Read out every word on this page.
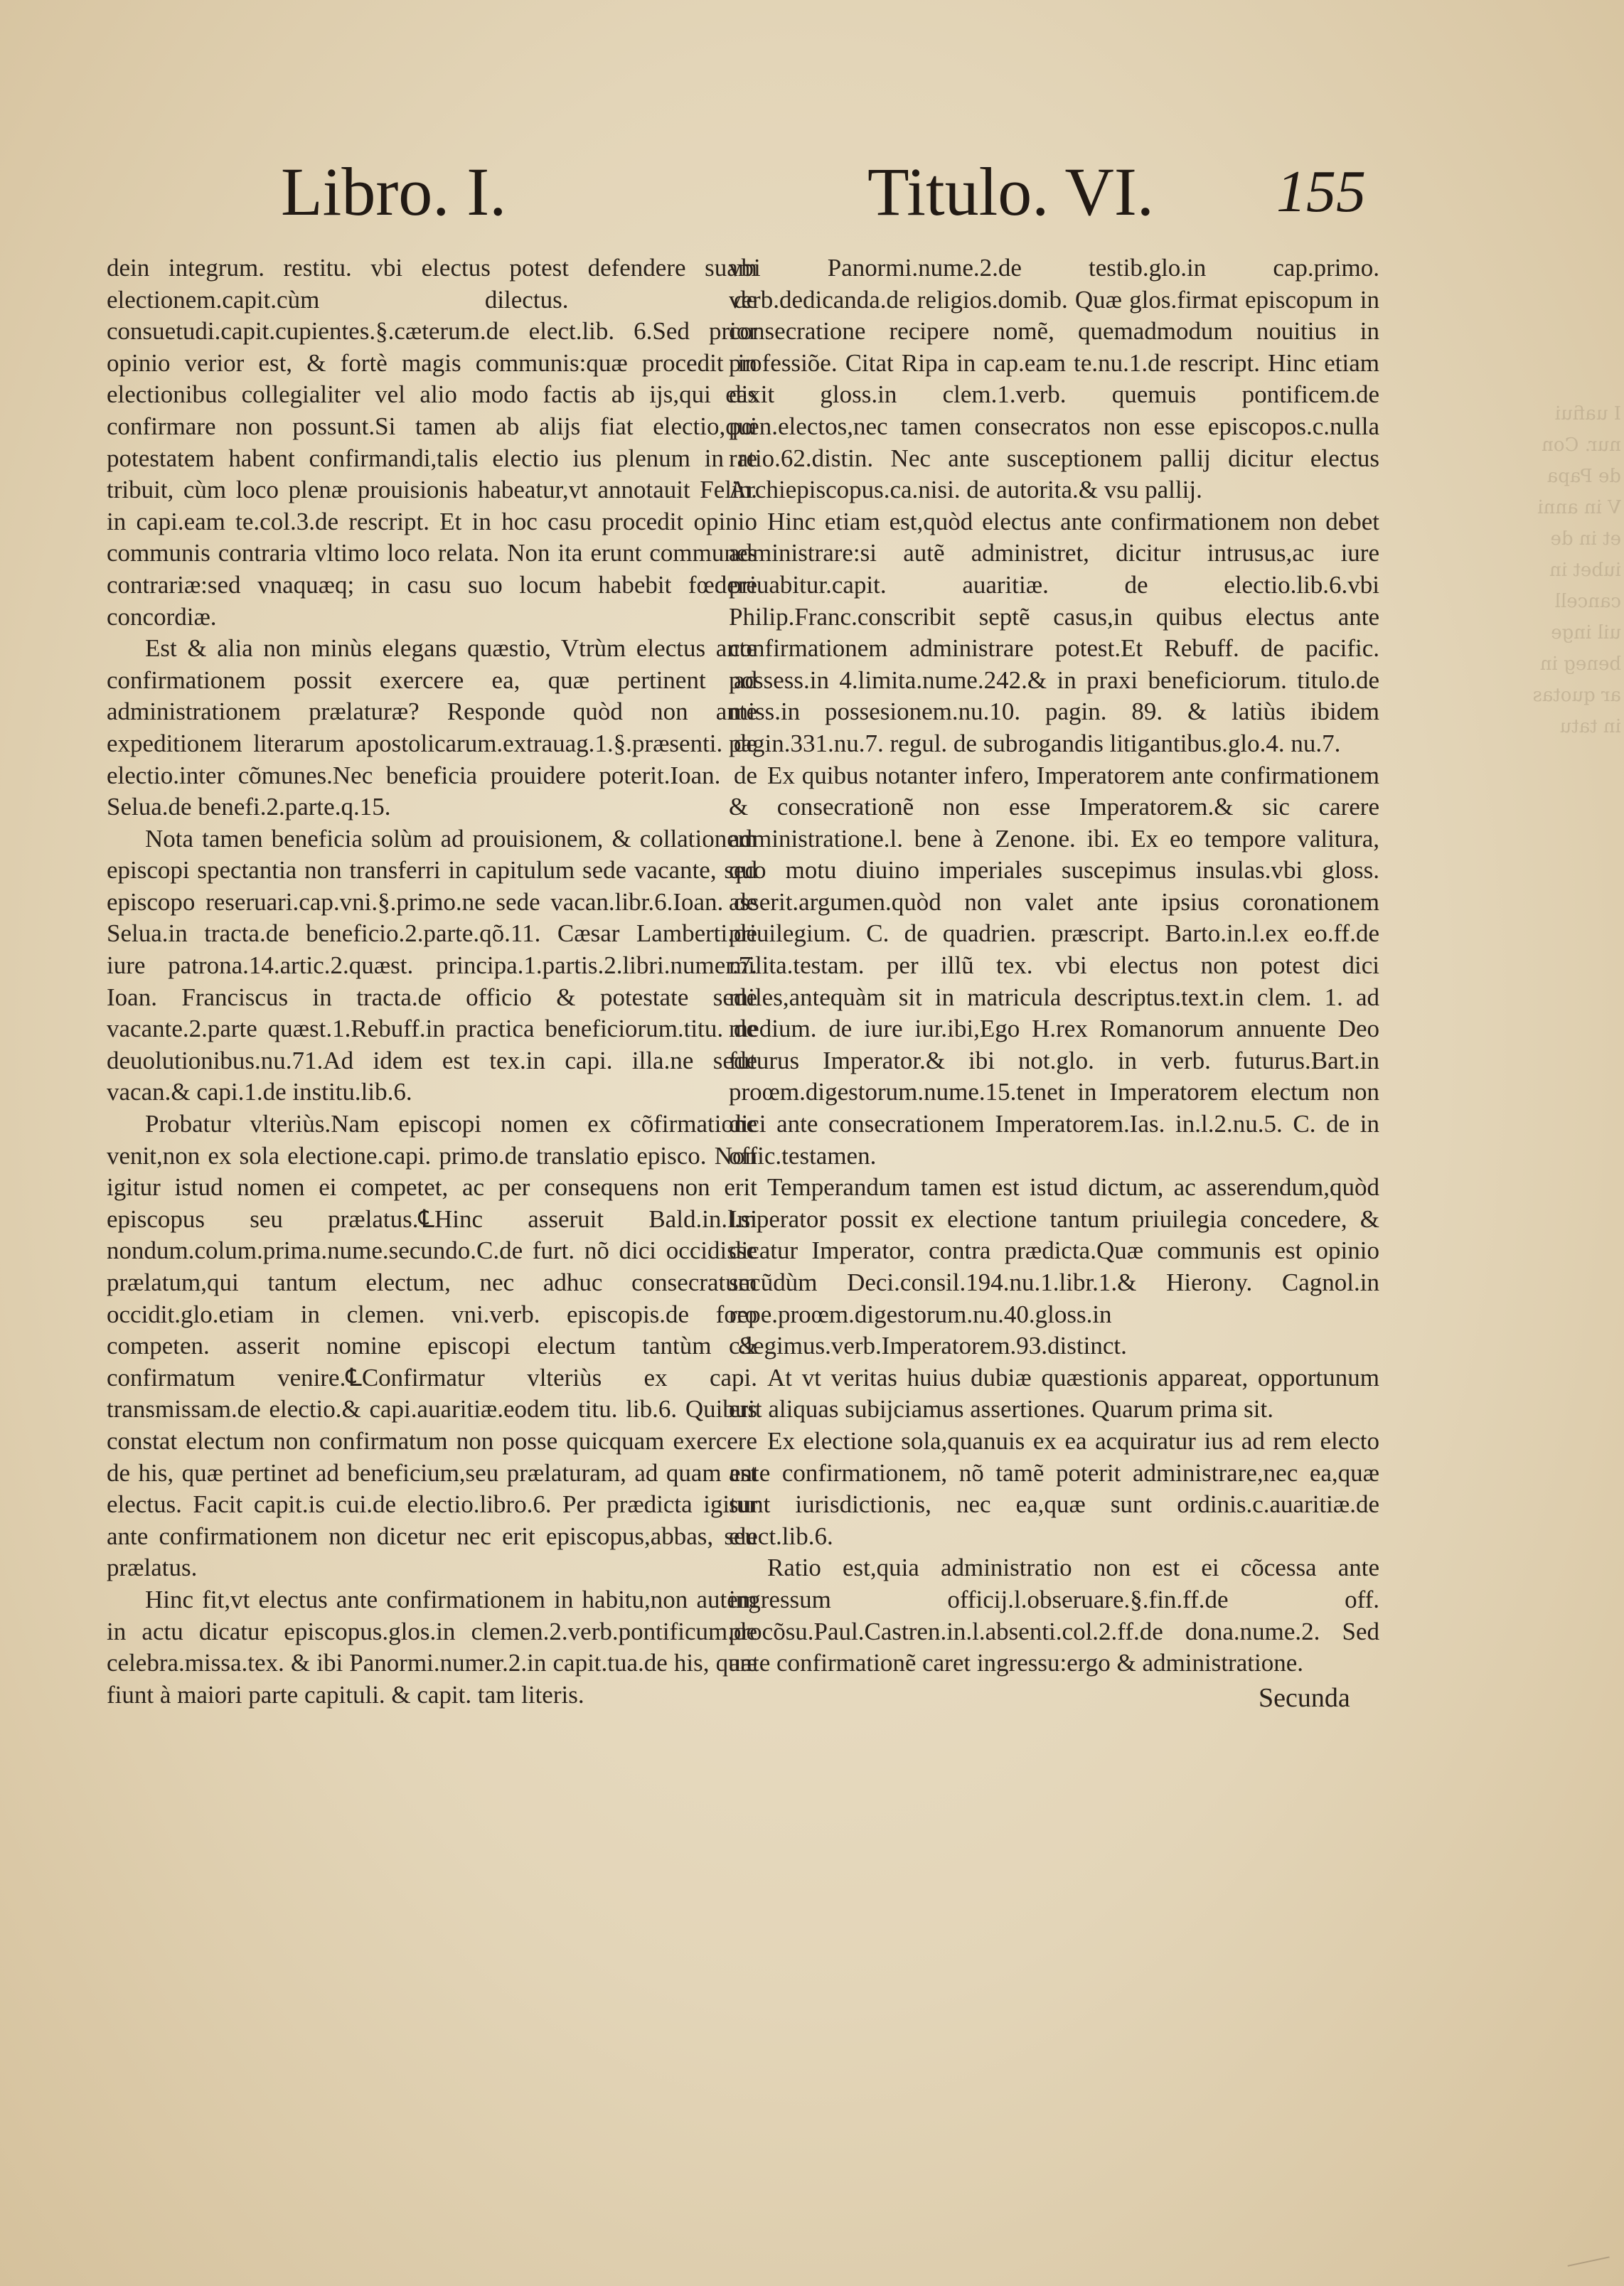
I uafiui
nur. Con
de Papa
V in anni
et in de
iubet in
cancell
uil inge
beneg in
ar quotas
in tatu
Libro. I.	Titulo. VI. 155

dein integrum. restitu. vbi electus potest defendere suam electionem.capit.cùm dilectus. de consuetudi.capit.cupientes.§.cæterum.de elect.lib. 6.Sed prior opinio verior est, & fortè magis communis:quæ procedit in electionibus collegialiter vel alio modo factis ab ijs,qui eas confirmare non possunt.Si tamen ab alijs fiat electio,qui potestatem habent confirmandi,talis electio ius plenum in re tribuit, cùm loco plenæ prouisionis habeatur,vt annotauit Felin. in capi.eam te.col.3.de rescript. Et in hoc casu procedit opinio communis contraria vltimo loco relata. Non ita erunt communes contrariæ:sed vnaquæq; in casu suo locum habebit fœdere concordiæ.

Est & alia non minùs elegans quæstio, Vtrùm electus ante confirmationem possit exercere ea, quæ pertinent ad administrationem prælaturæ? Responde quòd non ante expeditionem literarum apostolicarum.extrauag.1.§.præsenti. de electio.inter cõmunes.Nec beneficia prouidere poterit.Ioan. de Selua.de benefi.2.parte.q.15.

Nota tamen beneficia solùm ad prouisionem, & collationem episcopi spectantia non transferri in capitulum sede vacante, sed episcopo reseruari.cap.vni.§.primo.ne sede vacan.libr.6.Ioan. de Selua.in tracta.de beneficio.2.parte.qõ.11. Cæsar Lamberti.de iure patrona.14.artic.2.quæst. principa.1.partis.2.libri.numer.7. Ioan. Franciscus in tracta.de officio & potestate sede vacante.2.parte quæst.1.Rebuff.in practica beneficiorum.titu. de deuolutionibus.nu.71.Ad idem est tex.in capi. illa.ne sede vacan.& capi.1.de institu.lib.6.

Probatur vlteriùs.Nam episcopi nomen ex cõfirmatione venit,non ex sola electione.capi. primo.de translatio episco. Non igitur istud nomen ei competet, ac per consequens non erit episcopus seu prælatus.℄Hinc asseruit Bald.in.l.si nondum.colum.prima.nume.secundo.C.de furt. nõ dici occidisse prælatum,qui tantum electum, nec adhuc consecratum occidit.glo.etiam in clemen. vni.verb. episcopis.de foro competen. asserit nomine episcopi electum tantùm & confirmatum venire.℄Confirmatur vlteriùs ex capi. transmissam.de electio.& capi.auaritiæ.eodem titu. lib.6. Quibus constat electum non confirmatum non posse quicquam exercere de his, quæ pertinet ad beneficium,seu prælaturam, ad quam est electus. Facit capit.is cui.de electio.libro.6. Per prædicta igitur ante confirmationem non dicetur nec erit episcopus,abbas, seu prælatus.

Hinc fit,vt electus ante confirmationem in habitu,non autem in actu dicatur episcopus.glos.in clemen.2.verb.pontificum.de celebra.missa.tex. & ibi Panormi.numer.2.in capit.tua.de his, quæ fiunt à maiori parte capituli. & capit. tam literis.

vbi Panormi.nume.2.de testib.glo.in cap.primo. verb.dedicanda.de religios.domib. Quæ glos.firmat episcopum in consecratione recipere nomẽ, quemadmodum nouitius in professiõe. Citat Ripa in cap.eam te.nu.1.de rescript. Hinc etiam dixit gloss.in clem.1.verb. quemuis pontificem.de pœn.electos,nec tamen consecratos non esse episcopos.c.nulla ratio.62.distin. Nec ante susceptionem pallij dicitur electus Archiepiscopus.ca.nisi. de autorita.& vsu pallij.

Hinc etiam est,quòd electus ante confirmationem non debet administrare:si autẽ administret, dicitur intrusus,ac iure priuabitur.capit. auaritiæ. de electio.lib.6.vbi Philip.Franc.conscribit septẽ casus,in quibus electus ante confirmationem administrare potest.Et Rebuff. de pacific. possess.in 4.limita.nume.242.& in praxi beneficiorum. titulo.de miss.in possesionem.nu.10. pagin. 89. & latiùs ibidem pagin.331.nu.7. regul. de subrogandis litigantibus.glo.4. nu.7.

Ex quibus notanter infero, Imperatorem ante confirmationem & consecrationẽ non esse Imperatorem.& sic carere administratione.l. bene à Zenone. ibi. Ex eo tempore valitura, quo motu diuino imperiales suscepimus insulas.vbi gloss. asserit.argumen.quòd non valet ante ipsius coronationem priuilegium. C. de quadrien. præscript. Barto.in.l.ex eo.ff.de milita.testam. per illũ tex. vbi electus non potest dici miles,antequàm sit in matricula descriptus.text.in clem. 1. ad medium. de iure iur.ibi,Ego H.rex Romanorum annuente Deo futurus Imperator.& ibi not.glo. in verb. futurus.Bart.in proœm.digestorum.nume.15.tenet in Imperatorem electum non dici ante consecrationem Imperatorem.Ias. in.l.2.nu.5. C. de in offic.testamen.

Temperandum tamen est istud dictum, ac asserendum,quòd Imperator possit ex electione tantum priuilegia concedere, & dicatur Imperator, contra prædicta.Quæ communis est opinio secũdùm Deci.consil.194.nu.1.libr.1.& Hierony. Cagnol.in repe.proœm.digestorum.nu.40.gloss.in c.legimus.verb.Imperatorem.93.distinct.

At vt veritas huius dubiæ quæstionis appareat, opportunum erit aliquas subijciamus assertiones. Quarum prima sit.

Ex electione sola,quanuis ex ea acquiratur ius ad rem electo ante confirmationem, nõ tamẽ poterit administrare,nec ea,quæ sunt iurisdictionis, nec ea,quæ sunt ordinis.c.auaritiæ.de elect.lib.6.

Ratio est,quia administratio non est ei cõcessa ante ingressum officij.l.obseruare.§.fin.ff.de off. procõsu.Paul.Castren.in.l.absenti.col.2.ff.de dona.nume.2. Sed ante confirmationẽ caret ingressu:ergo & administratione.

Secunda
